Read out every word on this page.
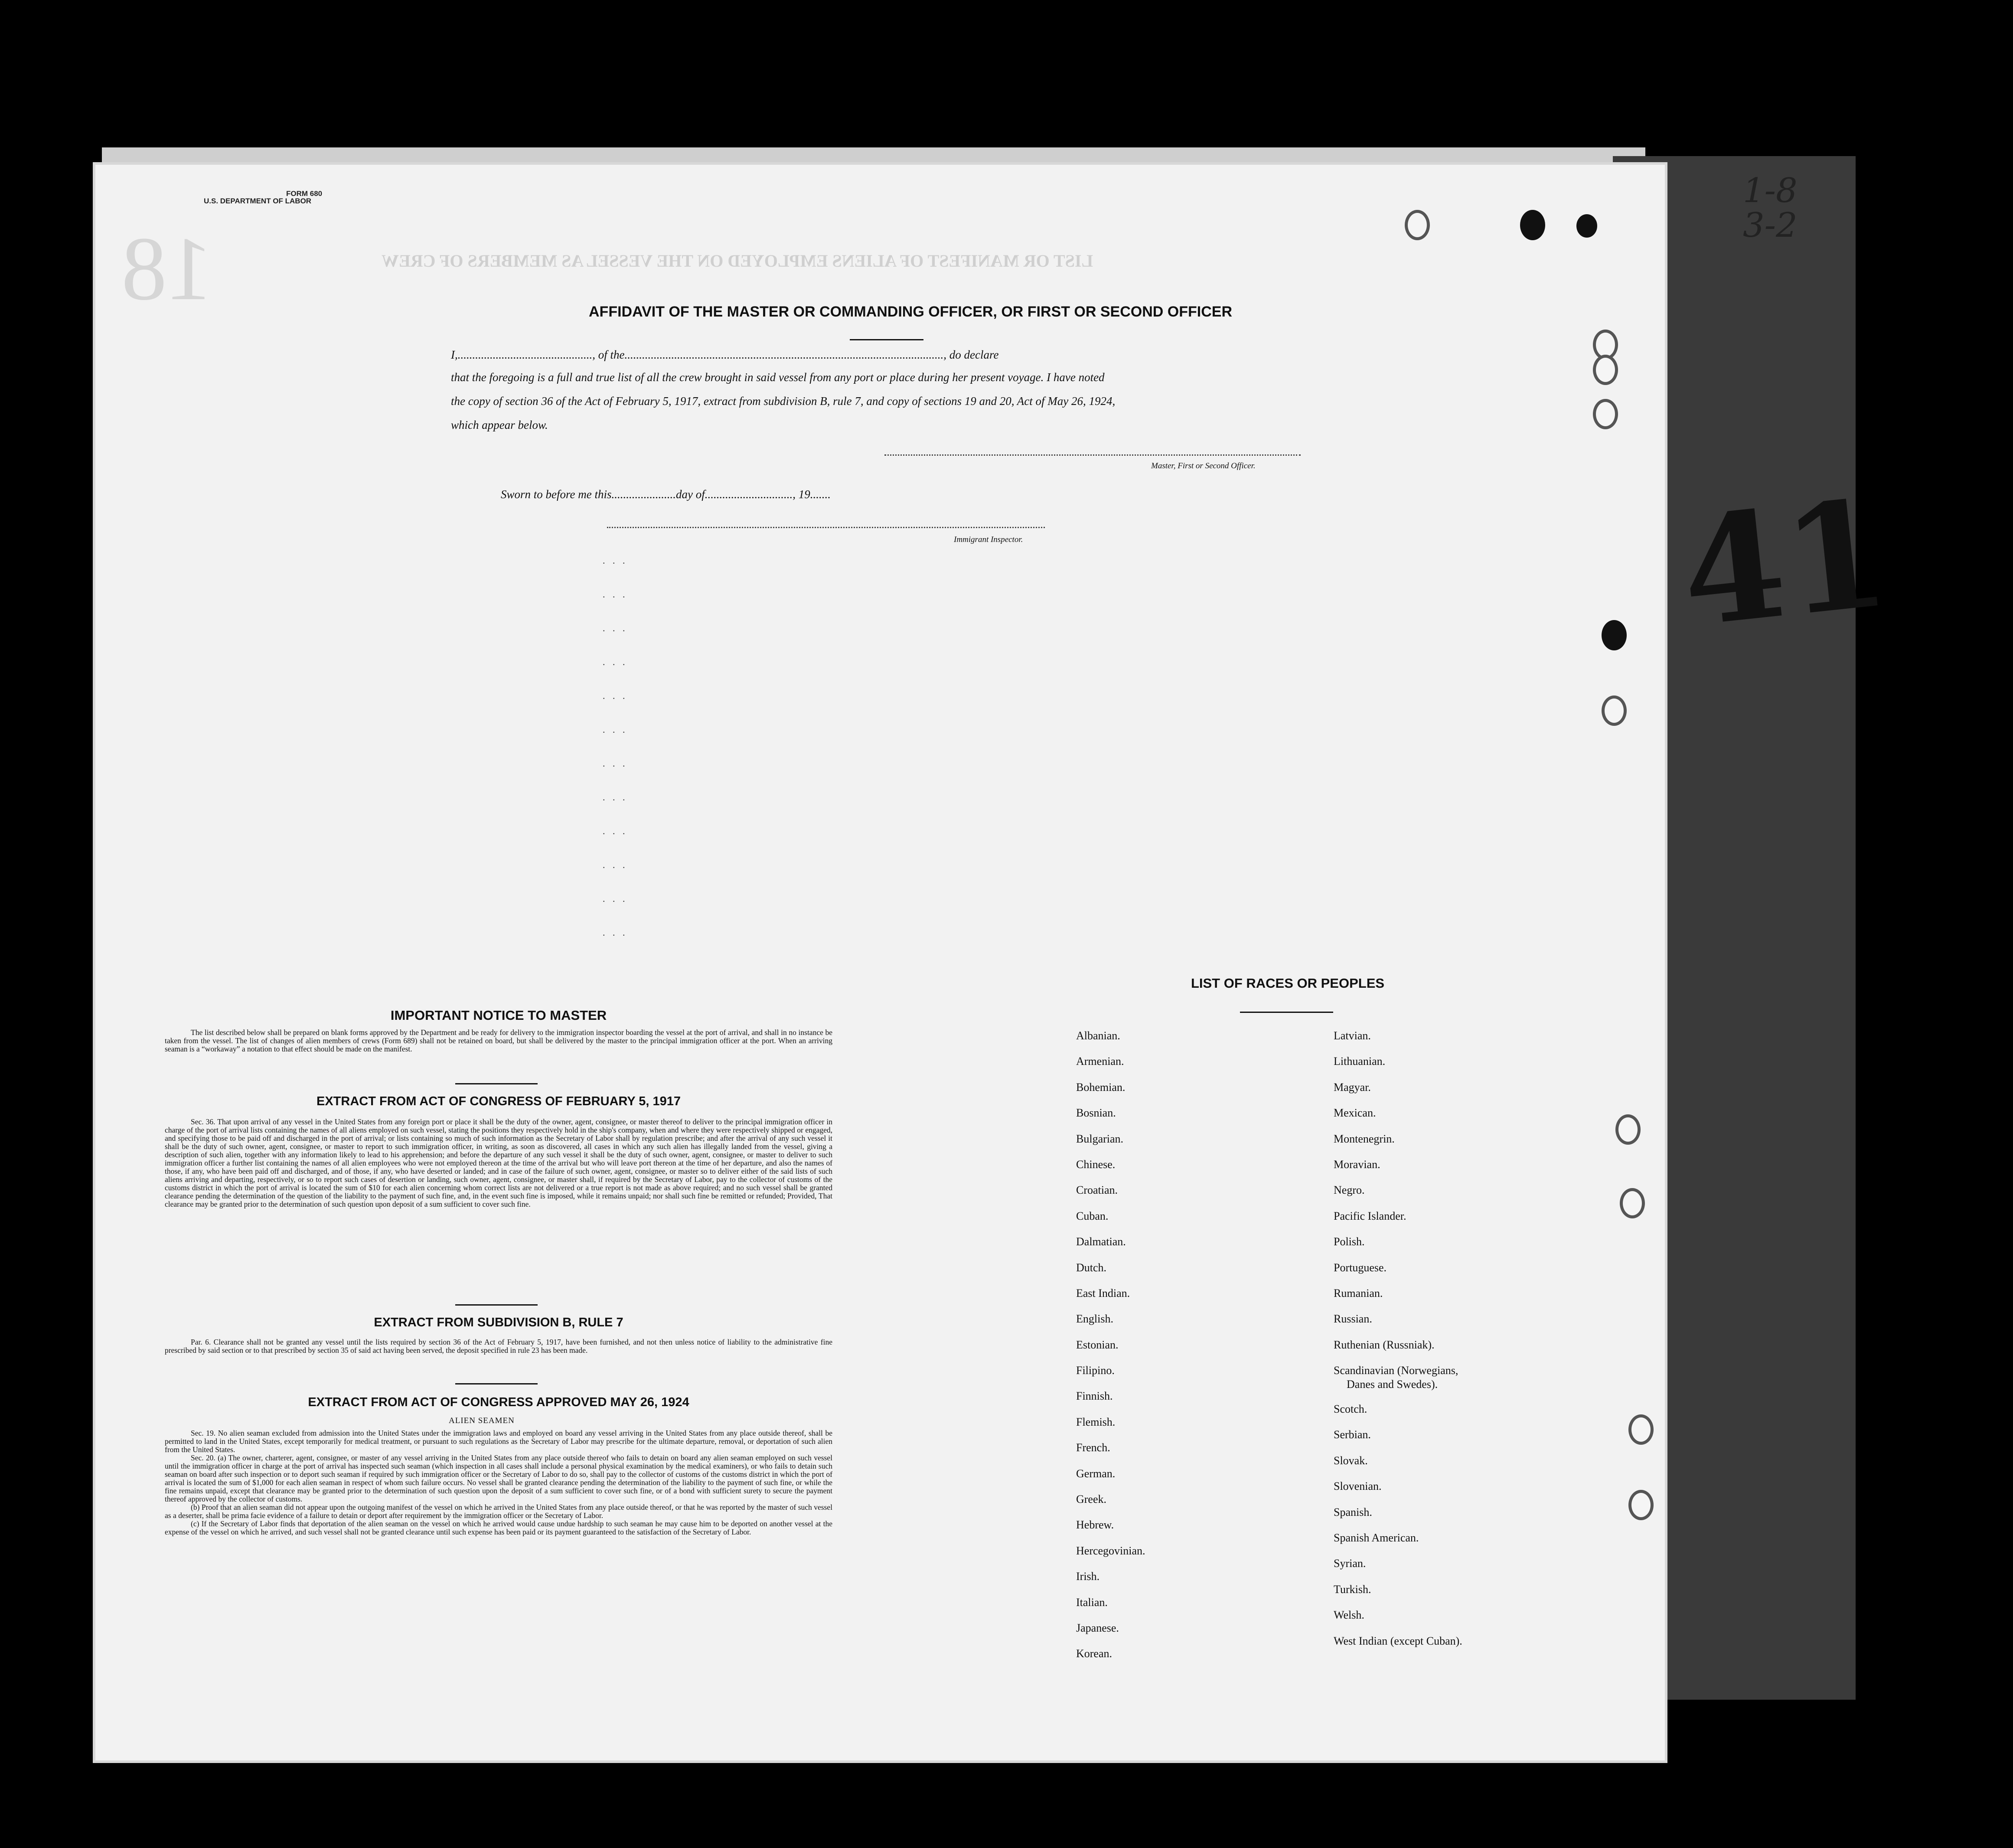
1-8
3-2
FORM 680
U.S. DEPARTMENT OF LABOR
18	LIST OR MANIFEST OF ALIENS EMPLOYED ON THE VESSEL AS MEMBERS OF CREW
41
AFFIDAVIT OF THE MASTER OR COMMANDING OFFICER, OR FIRST OR SECOND OFFICER
I,.............................................., of the............................................................................................................., do declare
that the foregoing is a full and true list of all the crew brought in said vessel from any port or place during her present voyage. I have noted
the copy of section 36 of the Act of February 5, 1917, extract from subdivision B, rule 7, and copy of sections 19 and 20, Act of May 26, 1924,
which appear below.
Master, First or Second Officer.
Sworn to before me this......................day of.............................., 19.......
Immigrant Inspector.
. . .
. . .
. . .
. . .
. . .
. . .
. . .
. . .
. . .
. . .
. . .
. . .
IMPORTANT NOTICE TO MASTER

The list described below shall be prepared on blank forms approved by the Department and be ready for delivery to the immigration inspector boarding the vessel at the port of arrival, and shall in no instance be taken from the vessel. The list of changes of alien members of crews (Form 689) shall not be retained on board, but shall be delivered by the master to the principal immigration officer at the port. When an arriving seaman is a “workaway” a notation to that effect should be made on the manifest.

EXTRACT FROM ACT OF CONGRESS OF FEBRUARY 5, 1917

Sec. 36. That upon arrival of any vessel in the United States from any foreign port or place it shall be the duty of the owner, agent, consignee, or master thereof to deliver to the principal immigration officer in charge of the port of arrival lists containing the names of all aliens employed on such vessel, stating the positions they respectively hold in the ship's company, when and where they were respectively shipped or engaged, and specifying those to be paid off and discharged in the port of arrival; or lists containing so much of such information as the Secretary of Labor shall by regulation prescribe; and after the arrival of any such vessel it shall be the duty of such owner, agent, consignee, or master to report to such immigration officer, in writing, as soon as discovered, all cases in which any such alien has illegally landed from the vessel, giving a description of such alien, together with any information likely to lead to his apprehension; and before the departure of any such vessel it shall be the duty of such owner, agent, consignee, or master to deliver to such immigration officer a further list containing the names of all alien employees who were not employed thereon at the time of the arrival but who will leave port thereon at the time of her departure, and also the names of those, if any, who have been paid off and discharged, and of those, if any, who have deserted or landed; and in case of the failure of such owner, agent, consignee, or master so to deliver either of the said lists of such aliens arriving and departing, respectively, or so to report such cases of desertion or landing, such owner, agent, consignee, or master shall, if required by the Secretary of Labor, pay to the collector of customs of the customs district in which the port of arrival is located the sum of $10 for each alien concerning whom correct lists are not delivered or a true report is not made as above required; and no such vessel shall be granted clearance pending the determination of the question of the liability to the payment of such fine, and, in the event such fine is imposed, while it remains unpaid; nor shall such fine be remitted or refunded; Provided, That clearance may be granted prior to the determination of such question upon deposit of a sum sufficient to cover such fine.

EXTRACT FROM SUBDIVISION B, RULE 7

Par. 6. Clearance shall not be granted any vessel until the lists required by section 36 of the Act of February 5, 1917, have been furnished, and not then unless notice of liability to the administrative fine prescribed by said section or to that prescribed by section 35 of said act having been served, the deposit specified in rule 23 has been made.

EXTRACT FROM ACT OF CONGRESS APPROVED MAY 26, 1924
ALIEN SEAMEN

Sec. 19. No alien seaman excluded from admission into the United States under the immigration laws and employed on board any vessel arriving in the United States from any place outside thereof, shall be permitted to land in the United States, except temporarily for medical treatment, or pursuant to such regulations as the Secretary of Labor may prescribe for the ultimate departure, removal, or deportation of such alien from the United States.

Sec. 20. (a) The owner, charterer, agent, consignee, or master of any vessel arriving in the United States from any place outside thereof who fails to detain on board any alien seaman employed on such vessel until the immigration officer in charge at the port of arrival has inspected such seaman (which inspection in all cases shall include a personal physical examination by the medical examiners), or who fails to detain such seaman on board after such inspection or to deport such seaman if required by such immigration officer or the Secretary of Labor to do so, shall pay to the collector of customs of the customs district in which the port of arrival is located the sum of $1,000 for each alien seaman in respect of whom such failure occurs. No vessel shall be granted clearance pending the determination of the liability to the payment of such fine, or while the fine remains unpaid, except that clearance may be granted prior to the determination of such question upon the deposit of a sum sufficient to cover such fine, or of a bond with sufficient surety to secure the payment thereof approved by the collector of customs.

(b) Proof that an alien seaman did not appear upon the outgoing manifest of the vessel on which he arrived in the United States from any place outside thereof, or that he was reported by the master of such vessel as a deserter, shall be prima facie evidence of a failure to detain or deport after requirement by the immigration officer or the Secretary of Labor.

(c) If the Secretary of Labor finds that deportation of the alien seaman on the vessel on which he arrived would cause undue hardship to such seaman he may cause him to be deported on another vessel at the expense of the vessel on which he arrived, and such vessel shall not be granted clearance until such expense has been paid or its payment guaranteed to the satisfaction of the Secretary of Labor.

LIST OF RACES OR PEOPLES
Albanian.
Armenian.
Bohemian.
Bosnian.
Bulgarian.
Chinese.
Croatian.
Cuban.
Dalmatian.
Dutch.
East Indian.
English.
Estonian.
Filipino.
Finnish.
Flemish.
French.
German.
Greek.
Hebrew.
Hercegovinian.
Irish.
Italian.
Japanese.
Korean.
Latvian.
Lithuanian.
Magyar.
Mexican.
Montenegrin.
Moravian.
Negro.
Pacific Islander.
Polish.
Portuguese.
Rumanian.
Russian.
Ruthenian (Russniak).
Scandinavian (Norwegians,
Danes and Swedes).
Scotch.
Serbian.
Slovak.
Slovenian.
Spanish.
Spanish American.
Syrian.
Turkish.
Welsh.
West Indian (except Cuban).
